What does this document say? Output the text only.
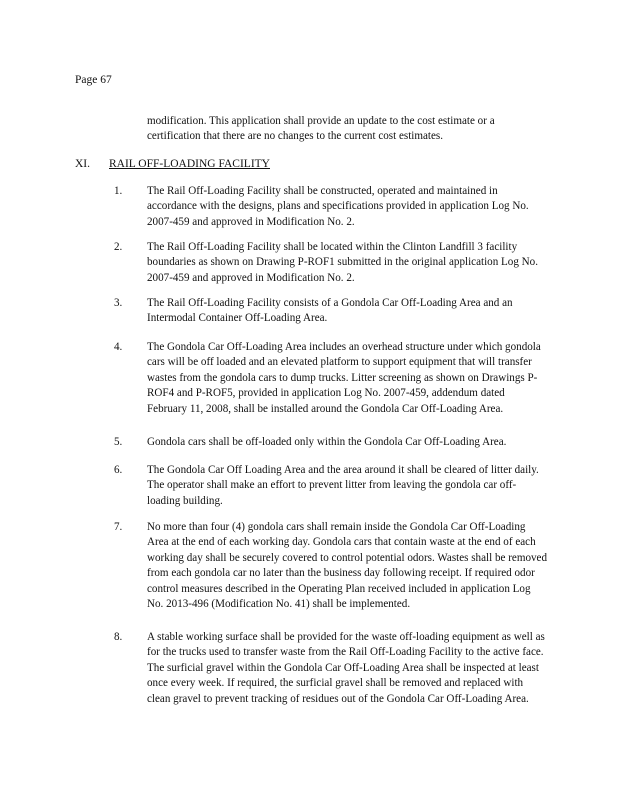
Page 67
modification. This application shall provide an update to the cost estimate or a certification that there are no changes to the current cost estimates.
XI. RAIL OFF-LOADING FACILITY
1. The Rail Off-Loading Facility shall be constructed, operated and maintained in accordance with the designs, plans and specifications provided in application Log No. 2007-459 and approved in Modification No. 2.
2. The Rail Off-Loading Facility shall be located within the Clinton Landfill 3 facility boundaries as shown on Drawing P-ROF1 submitted in the original application Log No. 2007-459 and approved in Modification No. 2.
3. The Rail Off-Loading Facility consists of a Gondola Car Off-Loading Area and an Intermodal Container Off-Loading Area.
4. The Gondola Car Off-Loading Area includes an overhead structure under which gondola cars will be off loaded and an elevated platform to support equipment that will transfer wastes from the gondola cars to dump trucks. Litter screening as shown on Drawings P-ROF4 and P-ROF5, provided in application Log No. 2007-459, addendum dated February 11, 2008, shall be installed around the Gondola Car Off-Loading Area.
5. Gondola cars shall be off-loaded only within the Gondola Car Off-Loading Area.
6. The Gondola Car Off Loading Area and the area around it shall be cleared of litter daily. The operator shall make an effort to prevent litter from leaving the gondola car off-loading building.
7. No more than four (4) gondola cars shall remain inside the Gondola Car Off-Loading Area at the end of each working day. Gondola cars that contain waste at the end of each working day shall be securely covered to control potential odors. Wastes shall be removed from each gondola car no later than the business day following receipt. If required odor control measures described in the Operating Plan received included in application Log No. 2013-496 (Modification No. 41) shall be implemented.
8. A stable working surface shall be provided for the waste off-loading equipment as well as for the trucks used to transfer waste from the Rail Off-Loading Facility to the active face. The surficial gravel within the Gondola Car Off-Loading Area shall be inspected at least once every week. If required, the surficial gravel shall be removed and replaced with clean gravel to prevent tracking of residues out of the Gondola Car Off-Loading Area.
